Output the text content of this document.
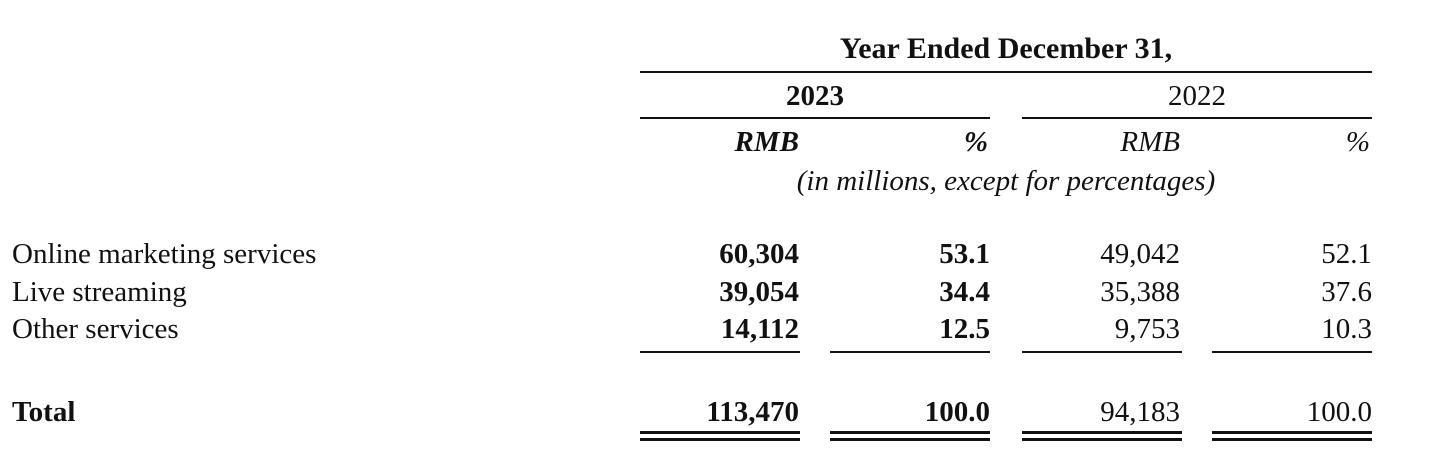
Year Ended December 31,
2023	2022
RMB	%	RMB	%
(in millions, except for percentages)
Online marketing services	60,304	53.1	49,042	52.1
Live streaming	39,054	34.4	35,388	37.6
Other services	14,112	12.5	9,753	10.3
Total	113,470	100.0	94,183	100.0
